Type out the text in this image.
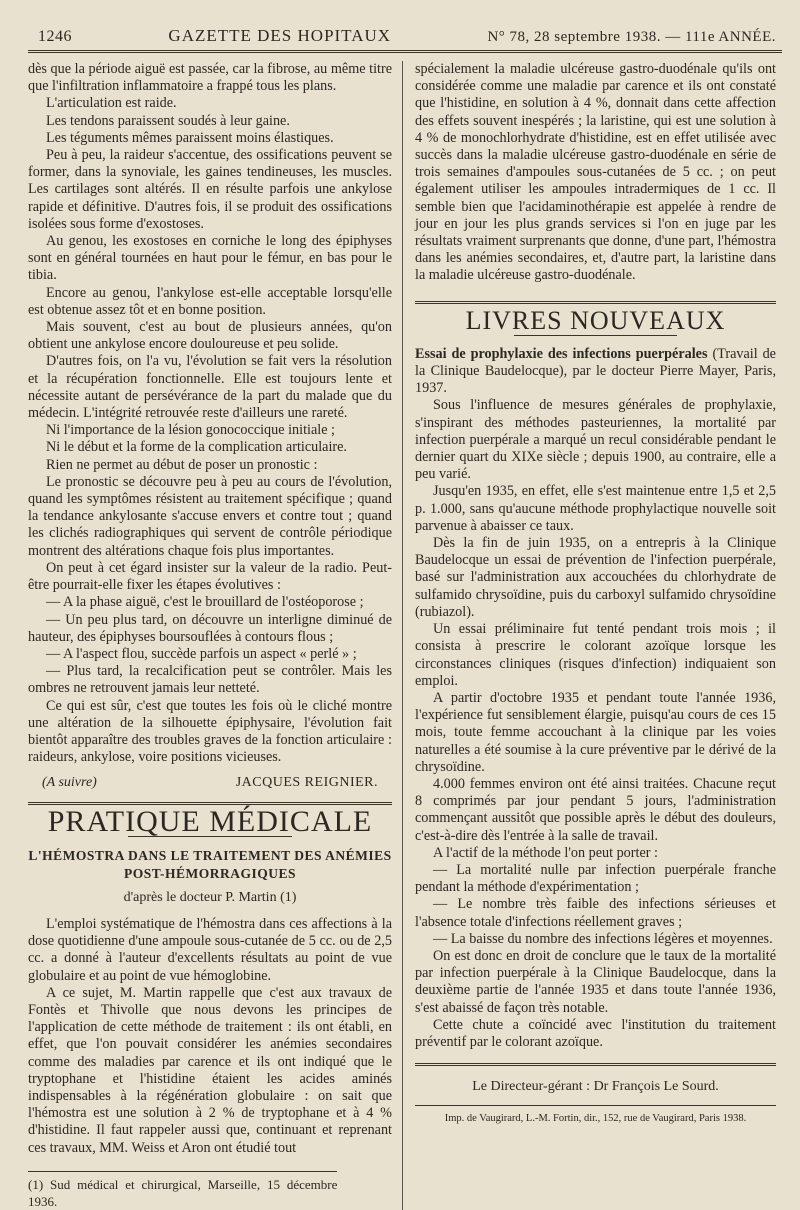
1246	GAZETTE DES HOPITAUX	N° 78, 28 septembre 1938. — 111e ANNÉE.

dès que la période aiguë est passée, car la fibrose, au même titre que l'infiltration inflammatoire a frappé tous les plans.

L'articulation est raide.

Les tendons paraissent soudés à leur gaine.

Les téguments mêmes paraissent moins élastiques.

Peu à peu, la raideur s'accentue, des ossifications peuvent se former, dans la synoviale, les gaines tendineuses, les muscles. Les cartilages sont altérés. Il en résulte parfois une ankylose rapide et définitive. D'autres fois, il se produit des ossifications isolées sous forme d'exostoses.

Au genou, les exostoses en corniche le long des épiphyses sont en général tournées en haut pour le fémur, en bas pour le tibia.

Encore au genou, l'ankylose est-elle acceptable lorsqu'elle est obtenue assez tôt et en bonne position.

Mais souvent, c'est au bout de plusieurs années, qu'on obtient une ankylose encore douloureuse et peu solide.

D'autres fois, on l'a vu, l'évolution se fait vers la résolution et la récupération fonctionnelle. Elle est toujours lente et nécessite autant de persévérance de la part du malade que du médecin. L'intégrité retrouvée reste d'ailleurs une rareté.

Ni l'importance de la lésion gonococcique initiale ;

Ni le début et la forme de la complication articulaire.

Rien ne permet au début de poser un pronostic :

Le pronostic se découvre peu à peu au cours de l'évolution, quand les symptômes résistent au traitement spécifique ; quand la tendance ankylosante s'accuse envers et contre tout ; quand les clichés radiographiques qui servent de contrôle périodique montrent des altérations chaque fois plus importantes.

On peut à cet égard insister sur la valeur de la radio. Peut-être pourrait-elle fixer les étapes évolutives :

— A la phase aiguë, c'est le brouillard de l'ostéoporose ;

— Un peu plus tard, on découvre un interligne diminué de hauteur, des épiphyses boursouflées à contours flous ;

— A l'aspect flou, succède parfois un aspect « perlé » ;

— Plus tard, la recalcification peut se contrôler. Mais les ombres ne retrouvent jamais leur netteté.

Ce qui est sûr, c'est que toutes les fois où le cliché montre une altération de la silhouette épiphysaire, l'évolution fait bientôt apparaître des troubles graves de la fonction articulaire : raideurs, ankylose, voire positions vicieuses.

(A suivre)	JACQUES REIGNIER.
PRATIQUE MÉDICALE
L'HÉMOSTRA DANS LE TRAITEMENT DES ANÉMIES POST-HÉMORRAGIQUES
d'après le docteur P. Martin (1)

L'emploi systématique de l'hémostra dans ces affections à la dose quotidienne d'une ampoule sous-cutanée de 5 cc. ou de 2,5 cc. a donné à l'auteur d'excellents résultats au point de vue globulaire et au point de vue hémoglobine.

A ce sujet, M. Martin rappelle que c'est aux travaux de Fontès et Thivolle que nous devons les principes de l'application de cette méthode de traitement : ils ont établi, en effet, que l'on pouvait considérer les anémies secondaires comme des maladies par carence et ils ont indiqué que le tryptophane et l'histidine étaient les acides aminés indispensables à la régénération globulaire : on sait que l'hémostra est une solution à 2 % de tryptophane et à 4 % d'histidine. Il faut rappeler aussi que, continuant et reprenant ces travaux, MM. Weiss et Aron ont étudié tout

(1) Sud médical et chirurgical, Marseille, 15 décembre 1936.

spécialement la maladie ulcéreuse gastro-duodénale qu'ils ont considérée comme une maladie par carence et ils ont constaté que l'histidine, en solution à 4 %, donnait dans cette affection des effets souvent inespérés ; la laristine, qui est une solution à 4 % de monochlorhydrate d'histidine, est en effet utilisée avec succès dans la maladie ulcéreuse gastro-duodénale en série de trois semaines d'ampoules sous-cutanées de 5 cc. ; on peut également utiliser les ampoules intradermiques de 1 cc. Il semble bien que l'acidaminothérapie est appelée à rendre de jour en jour les plus grands services si l'on en juge par les résultats vraiment surprenants que donne, d'une part, l'hémostra dans les anémies secondaires, et, d'autre part, la laristine dans la maladie ulcéreuse gastro-duodénale.

LIVRES NOUVEAUX

Essai de prophylaxie des infections puerpérales (Travail de la Clinique Baudelocque), par le docteur Pierre Mayer, Paris, 1937.

Sous l'influence de mesures générales de prophylaxie, s'inspirant des méthodes pasteuriennes, la mortalité par infection puerpérale a marqué un recul considérable pendant le dernier quart du XIXe siècle ; depuis 1900, au contraire, elle a peu varié.

Jusqu'en 1935, en effet, elle s'est maintenue entre 1,5 et 2,5 p. 1.000, sans qu'aucune méthode prophylactique nouvelle soit parvenue à abaisser ce taux.

Dès la fin de juin 1935, on a entrepris à la Clinique Baudelocque un essai de prévention de l'infection puerpérale, basé sur l'administration aux accouchées du chlorhydrate de sulfamido chrysoïdine, puis du carboxyl sulfamido chrysoïdine (rubiazol).

Un essai préliminaire fut tenté pendant trois mois ; il consista à prescrire le colorant azoïque lorsque les circonstances cliniques (risques d'infection) indiquaient son emploi.

A partir d'octobre 1935 et pendant toute l'année 1936, l'expérience fut sensiblement élargie, puisqu'au cours de ces 15 mois, toute femme accouchant à la clinique par les voies naturelles a été soumise à la cure préventive par le dérivé de la chrysoïdine.

4.000 femmes environ ont été ainsi traitées. Chacune reçut 8 comprimés par jour pendant 5 jours, l'administration commençant aussitôt que possible après le début des douleurs, c'est-à-dire dès l'entrée à la salle de travail.

A l'actif de la méthode l'on peut porter :

— La mortalité nulle par infection puerpérale franche pendant la méthode d'expérimentation ;

— Le nombre très faible des infections sérieuses et l'absence totale d'infections réellement graves ;

— La baisse du nombre des infections légères et moyennes.

On est donc en droit de conclure que le taux de la mortalité par infection puerpérale à la Clinique Baudelocque, dans la deuxième partie de l'année 1935 et dans toute l'année 1936, s'est abaissé de façon très notable.

Cette chute a coïncidé avec l'institution du traitement préventif par le colorant azoïque.

Le Directeur-gérant : Dr François Le Sourd.
Imp. de Vaugirard, L.-M. Fortin, dir., 152, rue de Vaugirard, Paris 1938.
